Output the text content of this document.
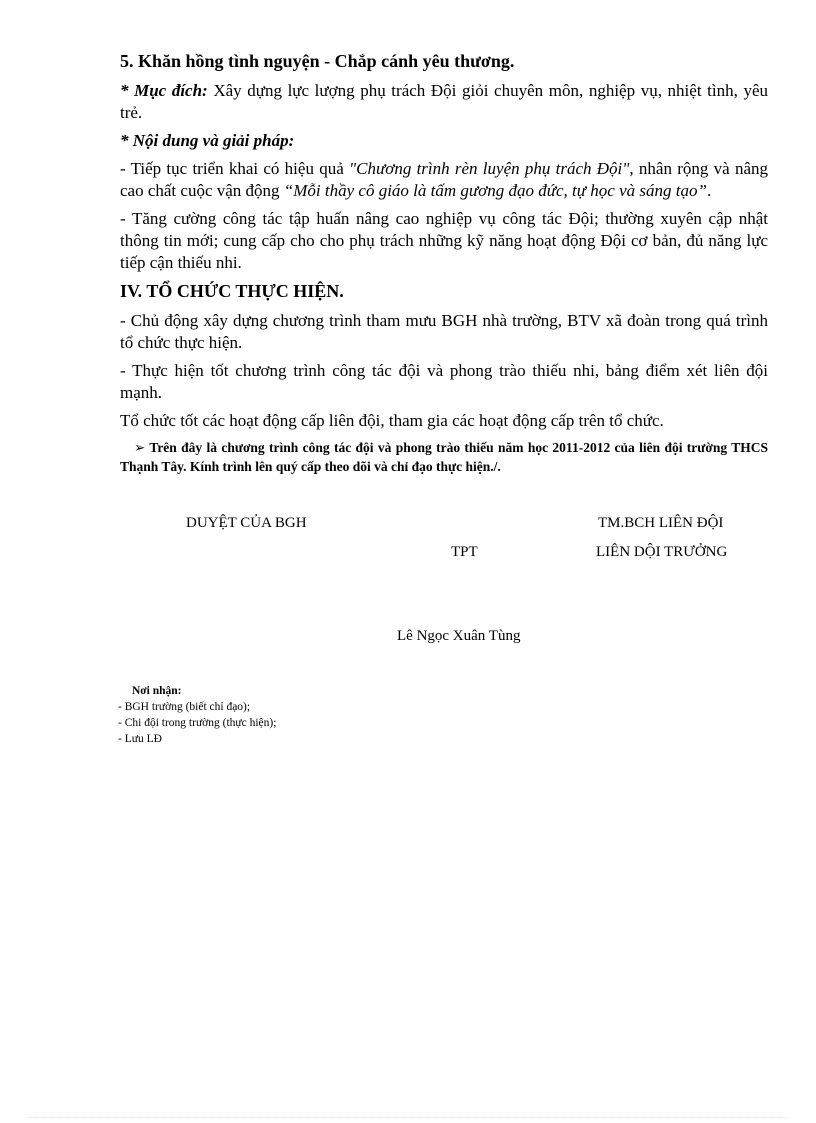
5. Khăn hồng tình nguyện - Chắp cánh yêu thương.
* Mục đích: Xây dựng lực lượng phụ trách Đội giỏi chuyên môn, nghiệp vụ, nhiệt tình, yêu trẻ.
* Nội dung và giải pháp:
- Tiếp tục triển khai có hiệu quả "Chương trình rèn luyện phụ trách Đội", nhân rộng và nâng cao chất cuộc vận động “Mỗi thầy cô giáo là tấm gương đạo đức, tự học và sáng tạo”.
- Tăng cường công tác tập huấn nâng cao nghiệp vụ công tác Đội; thường xuyên cập nhật thông tin mới; cung cấp cho cho phụ trách những kỹ năng hoạt động Đội cơ bản, đủ năng lực tiếp cận thiếu nhi.
IV. TỔ CHỨC THỰC HIỆN.
- Chủ động xây dựng chương trình tham mưu BGH nhà trường, BTV xã đoàn trong quá trình tổ chức thực hiện.
- Thực hiện tốt chương trình công tác đội và phong trào thiếu nhi, bảng điểm xét liên đội mạnh.
Tổ chức tốt các hoạt động cấp liên đội, tham gia các hoạt động cấp trên tổ chức.
➢ Trên đây là chương trình công tác đội và phong trào thiếu năm học 2011-2012 của liên đội trường THCS Thạnh Tây. Kính trình lên quý cấp theo dõi và chỉ đạo thực hiện./.
DUYỆT CỦA BGH	TM.BCH LIÊN ĐỘI
TPT	LIÊN DỘI TRƯỞNG
Lê Ngọc Xuân Tùng
Nơi nhận:
- BGH trường (biết chỉ đạo);
- Chi đội trong trường (thực hiện);
- Lưu LĐ
